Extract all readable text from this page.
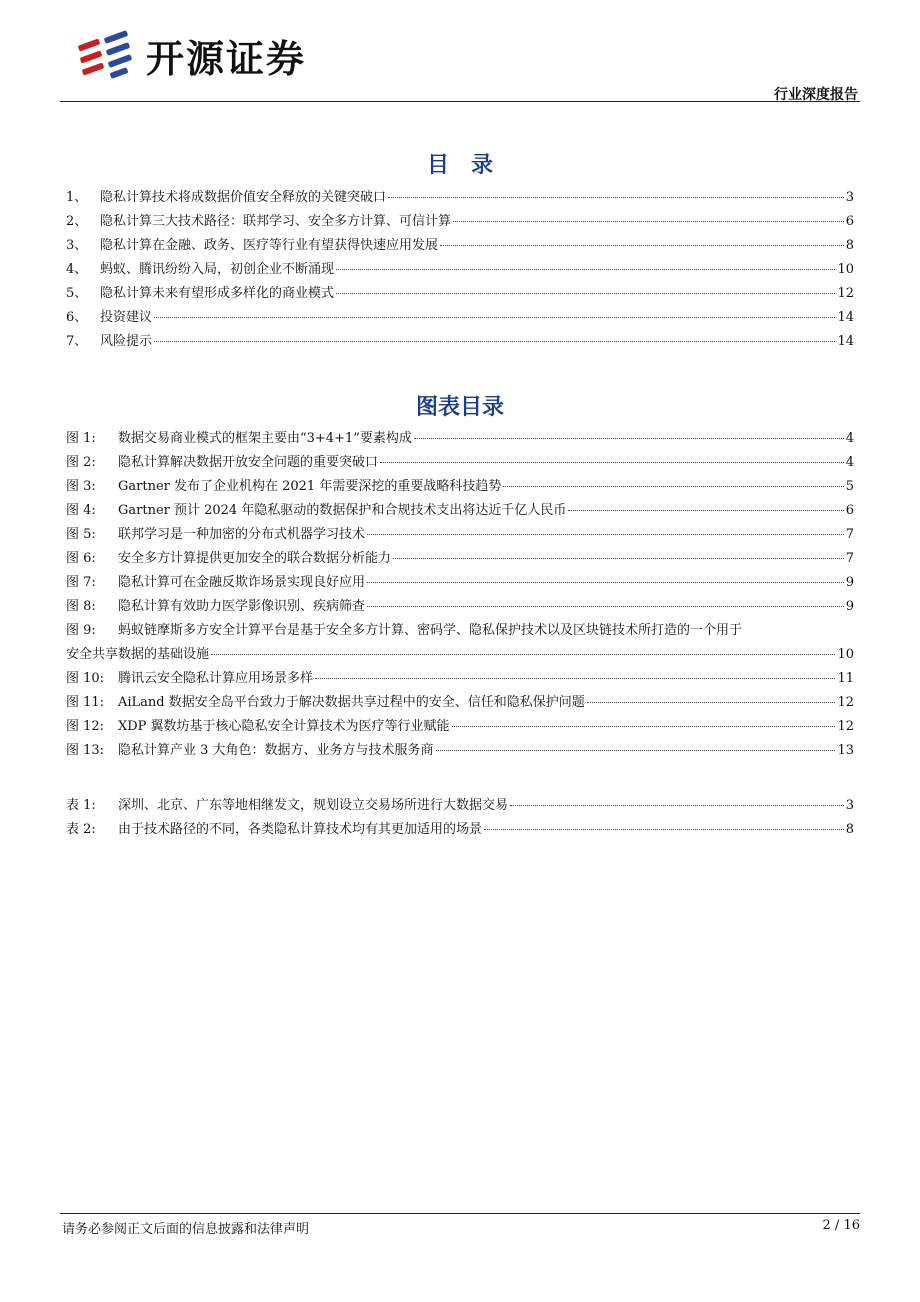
开源证券
行业深度报告
目　录
1、 隐私计算技术将成数据价值安全释放的关键突破口	3
2、 隐私计算三大技术路径：联邦学习、安全多方计算、可信计算	6
3、 隐私计算在金融、政务、医疗等行业有望获得快速应用发展	8
4、 蚂蚁、腾讯纷纷入局，初创企业不断涌现	10
5、 隐私计算未来有望形成多样化的商业模式	12
6、 投资建议	14
7、 风险提示	14
图表目录
图 1:	数据交易商业模式的框架主要由“3+4+1”要素构成	4
图 2:	隐私计算解决数据开放安全问题的重要突破口	4
图 3:	Gartner 发布了企业机构在 2021 年需要深挖的重要战略科技趋势	5
图 4:	Gartner 预计 2024 年隐私驱动的数据保护和合规技术支出将达近千亿人民币	6
图 5:	联邦学习是一种加密的分布式机器学习技术	7
图 6:	安全多方计算提供更加安全的联合数据分析能力	7
图 7:	隐私计算可在金融反欺诈场景实现良好应用	9
图 8:	隐私计算有效助力医学影像识别、疾病筛查	9
图 9:	蚂蚁链摩斯多方安全计算平台是基于安全多方计算、密码学、隐私保护技术以及区块链技术所打造的一个用于
安全共享数据的基础设施	10
图 10:	腾讯云安全隐私计算应用场景多样	11
图 11:	AiLand 数据安全岛平台致力于解决数据共享过程中的安全、信任和隐私保护问题	12
图 12:	XDP 翼数坊基于核心隐私安全计算技术为医疗等行业赋能	12
图 13:	隐私计算产业 3 大角色：数据方、业务方与技术服务商	13
表 1:	深圳、北京、广东等地相继发文，规划设立交易场所进行大数据交易	3
表 2:	由于技术路径的不同，各类隐私计算技术均有其更加适用的场景	8
请务必参阅正文后面的信息披露和法律声明	2 / 16
